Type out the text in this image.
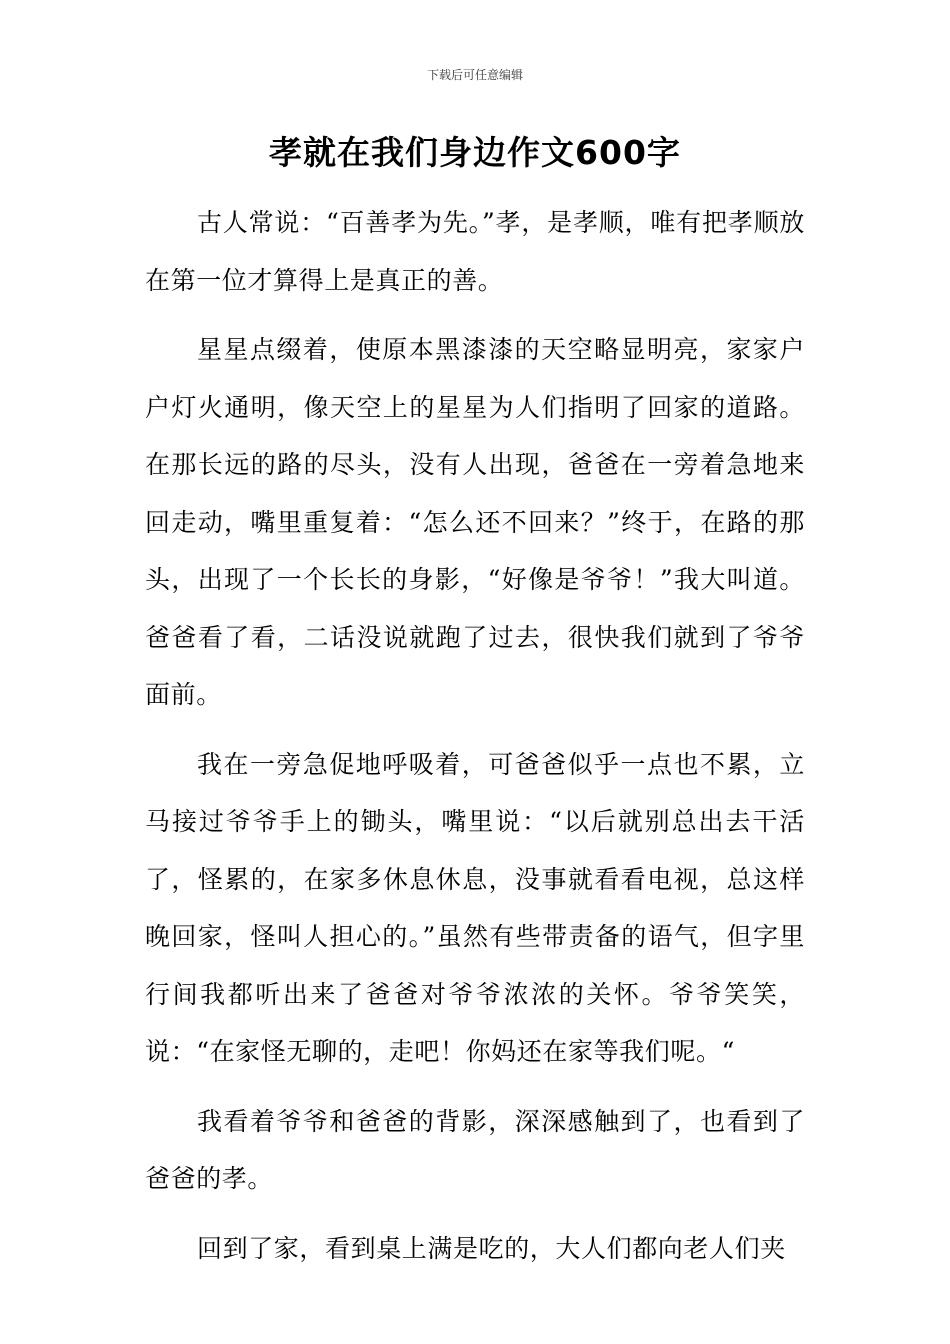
下载后可任意编辑
孝就在我们身边作文600字

古人常说：“百善孝为先。”孝，是孝顺，唯有把孝顺放在第一位才算得上是真正的善。

星星点缀着，使原本黑漆漆的天空略显明亮，家家户户灯火通明，像天空上的星星为人们指明了回家的道路。在那长远的路的尽头，没有人出现，爸爸在一旁着急地来回走动，嘴里重复着：“怎么还不回来？”终于，在路的那头，出现了一个长长的身影，“好像是爷爷！”我大叫道。爸爸看了看，二话没说就跑了过去，很快我们就到了爷爷面前。

我在一旁急促地呼吸着，可爸爸似乎一点也不累，立马接过爷爷手上的锄头，嘴里说：“以后就别总出去干活了，怪累的，在家多休息休息，没事就看看电视，总这样晚回家，怪叫人担心的。”虽然有些带责备的语气，但字里行间我都听出来了爸爸对爷爷浓浓的关怀。爷爷笑笑，说：“在家怪无聊的，走吧！你妈还在家等我们呢。“

我看着爷爷和爸爸的背影，深深感触到了，也看到了爸爸的孝。

回到了家，看到桌上满是吃的，大人们都向老人们夹
